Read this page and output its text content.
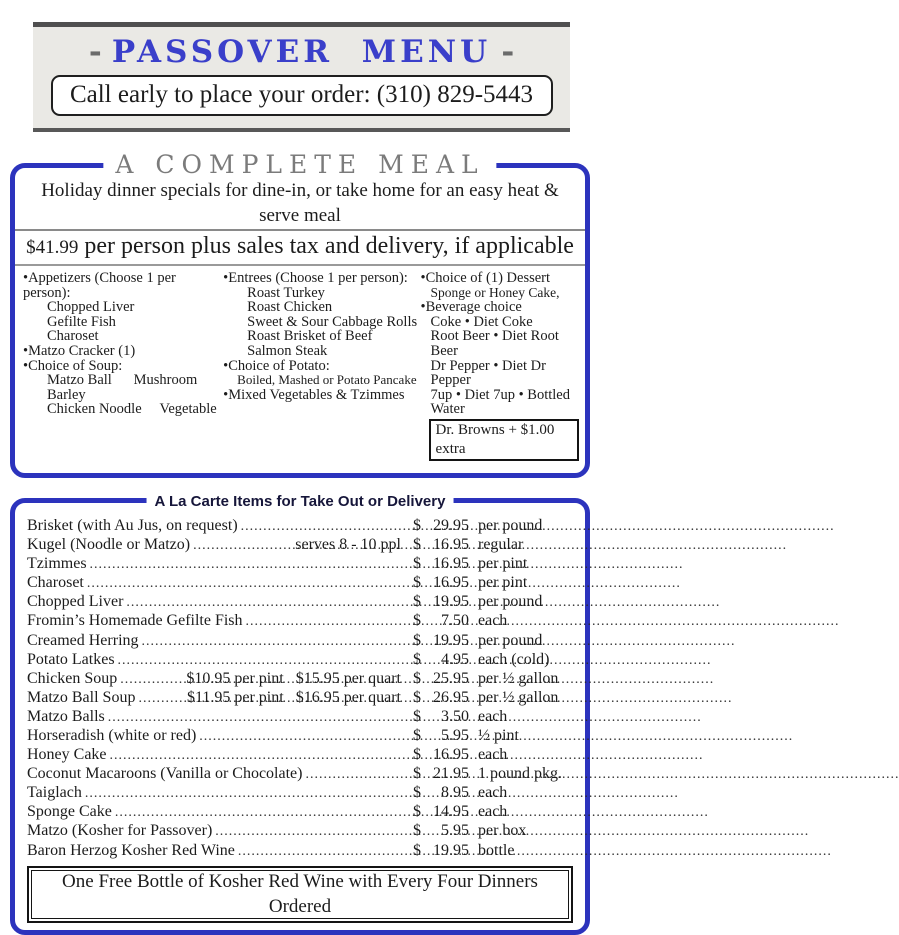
-  PASSOVER MENU  -
Call early to place your order: (310) 829-5443
A COMPLETE MEAL
Holiday dinner specials for dine-in, or take home for an easy heat & serve meal
$41.99 per person plus sales tax and delivery, if applicable
• Appetizers (Choose 1 per person):
Chopped Liver
Gefilte Fish
Charoset
• Matzo Cracker (1)
• Choice of Soup:
Matzo Ball      Mushroom Barley
Chicken Noodle     Vegetable
• Entrees (Choose 1 per person):
Roast Turkey
Roast Chicken
Sweet & Sour Cabbage Rolls
Roast Brisket of Beef
Salmon Steak
• Choice of Potato:
Boiled, Mashed or Potato Pancake
• Mixed Vegetables & Tzimmes
• Choice of (1) Dessert
Sponge or Honey Cake,
• Beverage choice
Coke • Diet Coke
Root Beer • Diet Root Beer
Dr Pepper • Diet Dr Pepper
7up • Diet 7up • Bottled Water
Dr. Browns + $1.00 extra
A La Carte Items for Take Out or Delivery
Brisket (with Au Jus, on request) .....	$ 29.95 per pound
Kugel (Noodle or Matzo) .....	serves 8 - 10 ppl $ 16.95 regular
Tzimmes .....	$ 16.95 per pint
Charoset .....	$ 16.95 per pint
Chopped Liver .....	$ 19.95 per pound
Fromin’s Homemade Gefilte Fish .....	$ 7.50 each
Creamed Herring .....	$ 19.95 per pound
Potato Latkes .....	$ 4.95 each (cold)
Chicken Soup .....	$10.95 per pint   $15.95 per quart $ 25.95 per ½ gallon
Matzo Ball Soup .....	$11.95 per pint   $16.95 per quart $ 26.95 per ½ gallon
Matzo Balls .....	$ 3.50 each
Horseradish (white or red) .....	$ 5.95 ½ pint
Honey Cake .....	$ 16.95 each
Coconut Macaroons (Vanilla or Chocolate) .....	$ 21.95 1 pound pkg.
Taiglach .....	$ 8.95 each
Sponge Cake .....	$ 14.95 each
Matzo (Kosher for Passover) .....	$ 5.95 per box
Baron Herzog Kosher Red Wine .....	$ 19.95 bottle
One Free Bottle of Kosher Red Wine with Every Four Dinners Ordered
